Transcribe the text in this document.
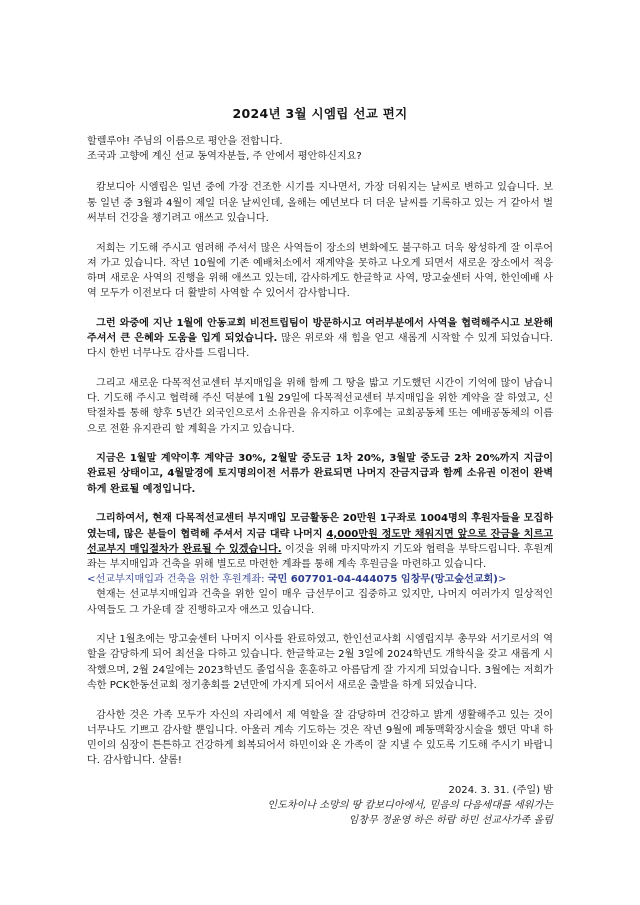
2024년 3월 시엠립 선교 편지

할렐루야! 주님의 이름으로 평안을 전합니다.

조국과 고향에 계신 선교 동역자분들, 주 안에서 평안하신지요?

캄보디아 시엠립은 일년 중에 가장 건조한 시기를 지나면서, 가장 더워지는 날씨로 변하고 있습니다. 보통 일년 중 3월과 4월이 제일 더운 날씨인데, 올해는 예년보다 더 더운 날씨를 기록하고 있는 거 같아서 벌써부터 건강을 챙기려고 애쓰고 있습니다.

저희는 기도해 주시고 염려해 주셔서 많은 사역들이 장소의 변화에도 불구하고 더욱 왕성하게 잘 이루어져 가고 있습니다. 작년 10월에 기존 예배처소에서 재계약을 못하고 나오게 되면서 새로운 장소에서 적응하며 새로운 사역의 진행을 위해 애쓰고 있는데, 감사하게도 한글학교 사역, 망고숲센터 사역, 한인예배 사역 모두가 이전보다 더 활발히 사역할 수 있어서 감사합니다.

그런 와중에 지난 1월에 안동교회 비전트립팀이 방문하시고 여러부분에서 사역을 협력해주시고 보완해 주셔서 큰 은혜와 도움을 입게 되었습니다. 많은 위로와 새 힘을 얻고 새롭게 시작할 수 있게 되었습니다. 다시 한번 너무나도 감사를 드립니다.

그리고 새로운 다목적선교센터 부지매입을 위해 함께 그 땅을 밟고 기도했던 시간이 기억에 많이 남습니다. 기도해 주시고 협력해 주신 덕분에 1월 29일에 다목적선교센터 부지매입을 위한 계약을 잘 하였고, 신탁절차를 통해 향후 5년간 외국인으로서 소유권을 유지하고 이후에는 교회공동체 또는 예배공동체의 이름으로 전환 유지관리 할 계획을 가지고 있습니다.

지금은 1월말 계약이후 계약금 30%, 2월말 중도금 1차 20%, 3월말 중도금 2차 20%까지 지급이 완료된 상태이고, 4월말경에 토지명의이전 서류가 완료되면 나머지 잔금지급과 함께 소유권 이전이 완벽하게 완료될 예정입니다.

그리하여서, 현재 다목적선교센터 부지매입 모금활동은 20만원 1구좌로 1004명의 후원자들을 모집하였는데, 많은 분들이 협력해 주셔서 지금 대략 나머지 4,000만원 정도만 채워지면 앞으로 잔금을 치르고 선교부지 매입절차가 완료될 수 있겠습니다. 이것을 위해 마지막까지 기도와 협력을 부탁드립니다. 후원계좌는 부지매입과 건축을 위해 별도로 마련한 계좌를 통해 계속 후원금을 마련하고 있습니다.

<선교부지매입과 건축을 위한 후원계좌: 국민 607701-04-444075 임창무(망고숲선교회)>

현재는 선교부지매입과 건축을 위한 일이 매우 급선무이고 집중하고 있지만, 나머지 여러가지 일상적인 사역들도 그 가운데 잘 진행하고자 애쓰고 있습니다.

지난 1월초에는 망고숲센터 나머지 이사를 완료하였고, 한인선교사회 시엠립지부 총무와 서기로서의 역할을 감당하게 되어 최선을 다하고 있습니다. 한글학교는 2월 3일에 2024학년도 개학식을 갖고 새롭게 시작했으며, 2월 24일에는 2023학년도 졸업식을 훈훈하고 아름답게 잘 가지게 되었습니다. 3월에는 저희가 속한 PCK한동선교회 정기총회를 2년만에 가지게 되어서 새로운 출발을 하게 되었습니다.

감사한 것은 가족 모두가 자신의 자리에서 제 역할을 잘 감당하며 건강하고 밝게 생활해주고 있는 것이 너무나도 기쁘고 감사할 뿐입니다. 아울러 계속 기도하는 것은 작년 9월에 폐동맥확장시술을 했던 막내 하민이의 심장이 튼튼하고 건강하게 회복되어서 하민이와 온 가족이 잘 지낼 수 있도록 기도해 주시기 바랍니다. 감사합니다. 샬롬!

2024. 3. 31. (주일) 밤

인도차이나 소망의 땅 캄보디아에서, 믿음의 다음세대를 세워가는

임창무 정윤영 하은 하람 하민 선교사가족 올림
